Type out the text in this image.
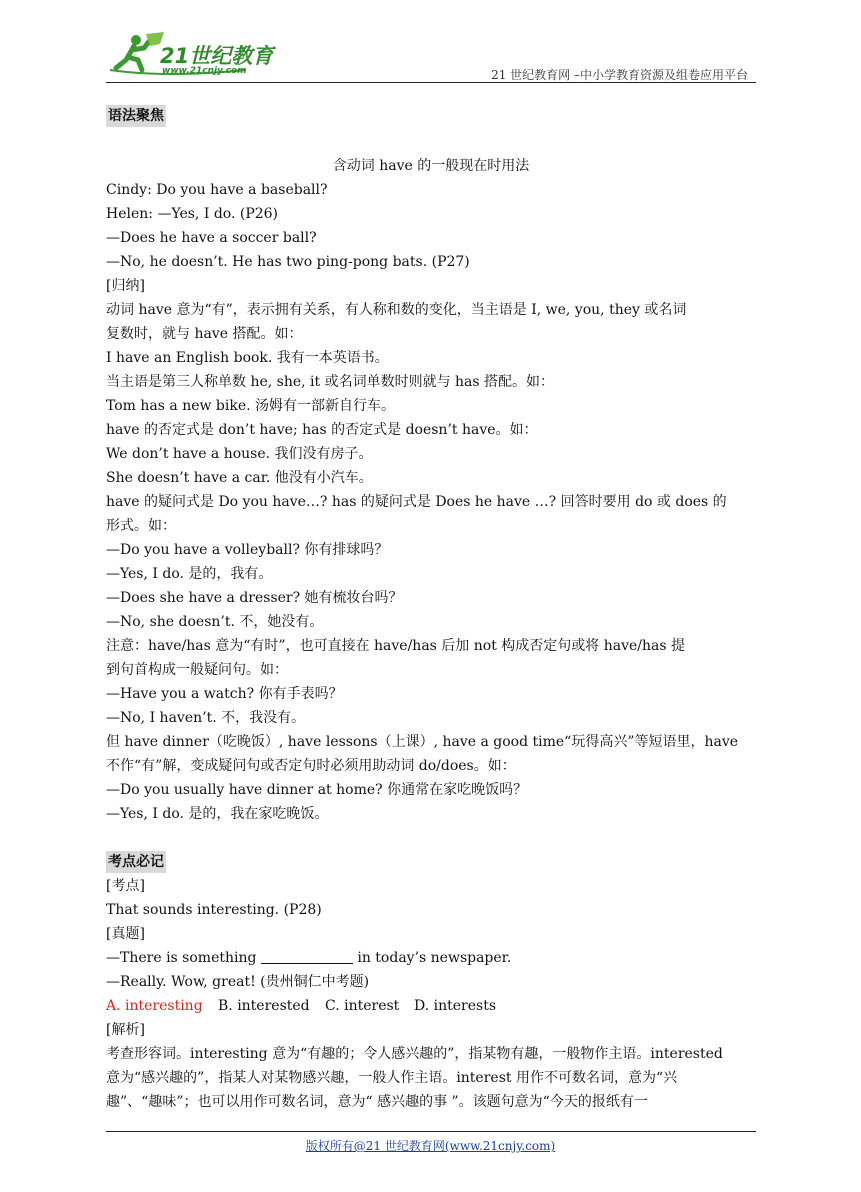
21世纪教育
www.21cnjy.com	21 世纪教育网 –中小学教育资源及组卷应用平台
语法聚焦
含动词 have 的一般现在时用法
Cindy: Do you have a baseball?
Helen: —Yes, I do. (P26)
—Does he have a soccer ball?
—No, he doesn’t. He has two ping-pong bats. (P27)
[归纳]
动词 have 意为“有”，表示拥有关系，有人称和数的变化，当主语是 I, we, you, they 或名词
复数时，就与 have 搭配。如：
I have an English book. 我有一本英语书。
当主语是第三人称单数 he, she, it 或名词单数时则就与 has 搭配。如：
Tom has a new bike. 汤姆有一部新自行车。
have 的否定式是 don’t have; has 的否定式是 doesn’t have。如：
We don’t have a house. 我们没有房子。
She doesn’t have a car. 他没有小汽车。
have 的疑问式是 Do you have…? has 的疑问式是 Does he have …? 回答时要用 do 或 does 的
形式。如：
—Do you have a volleyball? 你有排球吗？
—Yes, I do. 是的，我有。
—Does she have a dresser? 她有梳妆台吗？
—No, she doesn’t. 不，她没有。
注意：have/has 意为“有时”，也可直接在 have/has 后加 not 构成否定句或将 have/has 提
到句首构成一般疑问句。如：
—Have you a watch? 你有手表吗？
—No, I haven’t. 不，我没有。
但 have dinner（吃晚饭）, have lessons（上课）, have a good time“玩得高兴”等短语里，have
不作“有”解，变成疑问句或否定句时必须用助动词 do/does。如：
—Do you usually have dinner at home? 你通常在家吃晚饭吗？
—Yes, I do. 是的，我在家吃晚饭。
考点必记
[考点]
That sounds interesting. (P28)
[真题]
—There is something	in today’s newspaper.
—Really. Wow, great! (贵州铜仁中考题)
A. interesting B. interested C. interest D. interests
[解析]
考查形容词。interesting 意为“有趣的；令人感兴趣的”，指某物有趣，一般物作主语。interested
意为“感兴趣的”，指某人对某物感兴趣，一般人作主语。interest 用作不可数名词，意为“兴
趣”、“趣味”；也可以用作可数名词，意为“ 感兴趣的事 ”。该题句意为“今天的报纸有一
版权所有@21 世纪教育网(www.21cnjy.com)
